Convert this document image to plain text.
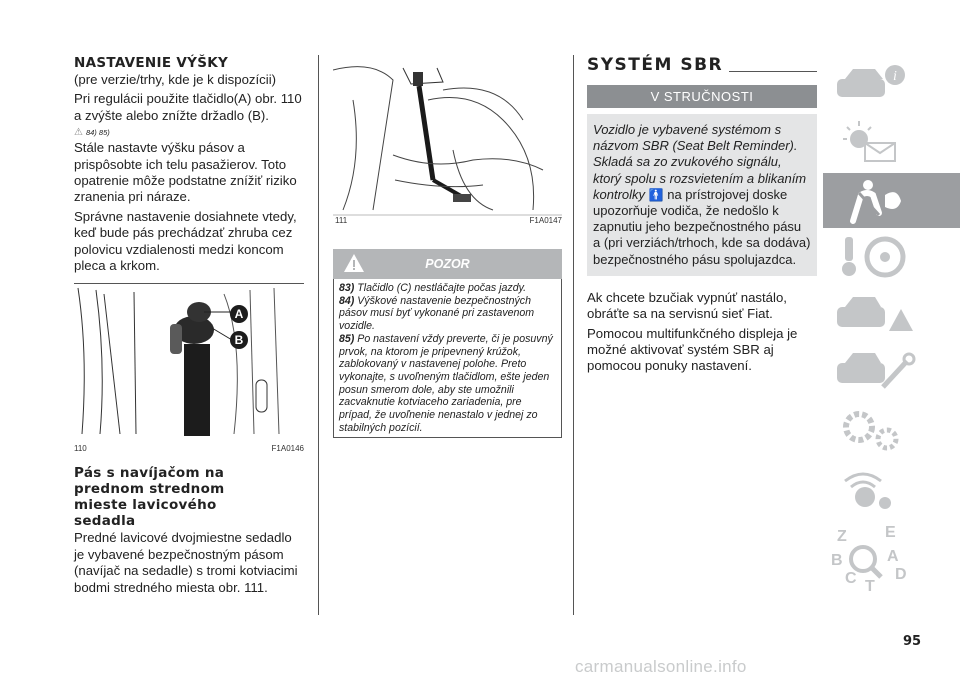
NASTAVENIE VÝŠKY
(pre verzie/trhy, kde je k dispozícii)
Pri regulácii použite tlačidlo(A) obr. 110 a zvýšte alebo znížte držadlo (B).
⚠ 84) 85)
Stále nastavte výšku pásov a prispôsobte ich telu pasažierov. Toto opatrenie môže podstatne znížiť riziko zranenia pri náraze.
Správne nastavenie dosiahnete vtedy, keď bude pás prechádzať zhruba cez polovicu vzdialenosti medzi koncom pleca a krkom.
A
B
110	F1A0146
Pás s navíjačom na prednom strednom mieste lavicového sedadla
Predné lavicové dvojmiestne sedadlo je vybavené bezpečnostným pásom (navíjač na sedadle) s tromi kotviacimi bodmi stredného miesta obr. 111.
111	F1A0147
POZOR

83) Tlačidlo (C) nestláčajte počas jazdy.

84) Výškové nastavenie bezpečnostných pásov musí byť vykonané pri zastavenom vozidle.

85) Po nastavení vždy preverte, či je posuvný prvok, na ktorom je pripevnený krúžok, zablokovaný v nastavenej polohe. Preto vykonajte, s uvoľneným tlačidlom, ešte jeden posun smerom dole, aby ste umožnili zacvaknutie kotviaceho zariadenia, pre prípad, že uvoľnenie nenastalo v jednej zo stabilných pozícií.

SYSTÉM SBR
V STRUČNOSTI
Vozidlo je vybavené systémom s názvom SBR (Seat Belt Reminder). Skladá sa zo zvukového signálu, ktorý spolu s rozsvietením a blikaním kontrolky 🚹 na prístrojovej doske upozorňuje vodiča, že nedošlo k zapnutiu jeho bezpečnostného pásu a (pri verziách/trhoch, kde sa dodáva) bezpečnostného pásu spolujazdca.
Ak chcete bzučiak vypnúť nastálo, obráťte sa na servisnú sieť Fiat.
Pomocou multifunkčného displeja je možné aktivovať systém SBR aj pomocou ponuky nastavení.
i
Z E
B	A
D
C T
95
carmanualsonline.info
